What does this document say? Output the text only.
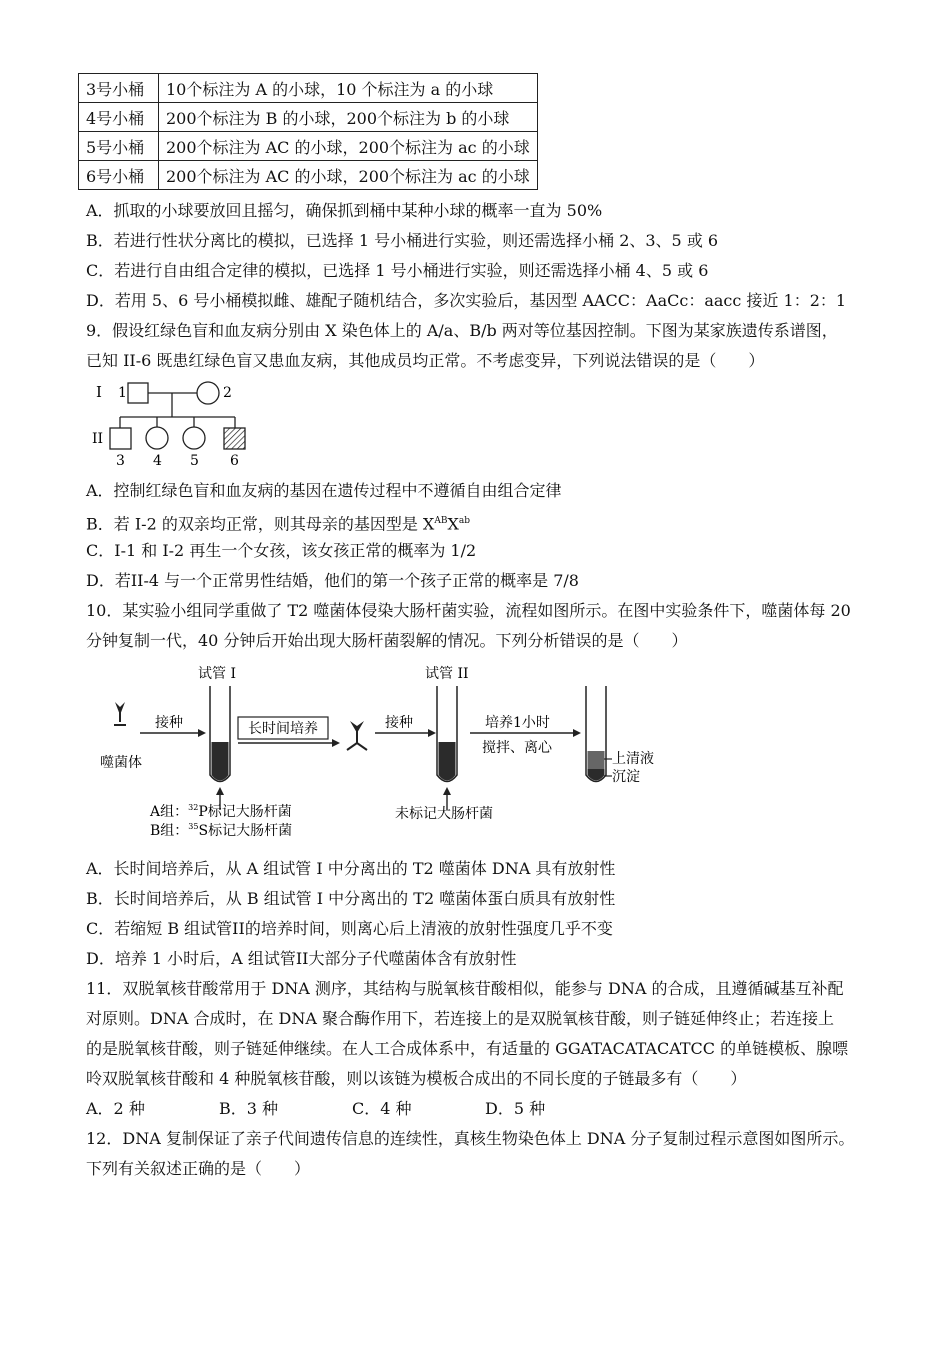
3号小桶	10个标注为 A 的小球，10 个标注为 a 的小球
4号小桶	200个标注为 B 的小球，200个标注为 b 的小球
5号小桶	200个标注为 AC 的小球，200个标注为 ac 的小球
6号小桶	200个标注为 AC 的小球，200个标注为 ac 的小球
A．抓取的小球要放回且摇匀，确保抓到桶中某种小球的概率一直为 50%
B．若进行性状分离比的模拟，已选择 1 号小桶进行实验，则还需选择小桶 2、3、5 或 6
C．若进行自由组合定律的模拟，已选择 1 号小桶进行实验，则还需选择小桶 4、5 或 6
D．若用 5、6 号小桶模拟雌、雄配子随机结合，多次实验后，基因型 AACC：AaCc：aacc 接近 1：2：1
9．假设红绿色盲和血友病分别由 X 染色体上的 A/a、B/b 两对等位基因控制。下图为某家族遗传系谱图，
已知 II-6 既患红绿色盲又患血友病，其他成员均正常。不考虑变异，下列说法错误的是（　　）
I
II
1	2
3 4 5 6
A．控制红绿色盲和血友病的基因在遗传过程中不遵循自由组合定律
B．若 I-2 的双亲均正常，则其母亲的基因型是 $X^{AB}X^{ab}$
C．I-1 和 I-2 再生一个女孩，该女孩正常的概率为 1/2
D．若II-4 与一个正常男性结婚，他们的第一个孩子正常的概率是 7/8
10．某实验小组同学重做了 T2 噬菌体侵染大肠杆菌实验，流程如图所示。在图中实验条件下，噬菌体每 20
分钟复制一代，40 分钟后开始出现大肠杆菌裂解的情况。下列分析错误的是（　　）
噬菌体
接种
试管 I
长时间培养	接种
试管 II
培养1小时
搅拌、离心
上清液
沉淀
A组：$^{32}$P标记大肠杆菌
B组：$^{35}$S标记大肠杆菌
未标记大肠杆菌
A．长时间培养后，从 A 组试管 I 中分离出的 T2 噬菌体 DNA 具有放射性
B．长时间培养后，从 B 组试管 I 中分离出的 T2 噬菌体蛋白质具有放射性
C．若缩短 B 组试管II的培养时间，则离心后上清液的放射性强度几乎不变
D．培养 1 小时后，A 组试管II大部分子代噬菌体含有放射性
11．双脱氧核苷酸常用于 DNA 测序，其结构与脱氧核苷酸相似，能参与 DNA 的合成，且遵循碱基互补配
对原则。DNA 合成时，在 DNA 聚合酶作用下，若连接上的是双脱氧核苷酸，则子链延伸终止；若连接上
的是脱氧核苷酸，则子链延伸继续。在人工合成体系中，有适量的 GGATACATACATCC 的单链模板、腺嘌
呤双脱氧核苷酸和 4 种脱氧核苷酸，则以该链为模板合成出的不同长度的子链最多有（　　）
A．2 种	B．3 种	C．4 种	D．5 种
12．DNA 复制保证了亲子代间遗传信息的连续性，真核生物染色体上 DNA 分子复制过程示意图如图所示。
下列有关叙述正确的是（　　）
